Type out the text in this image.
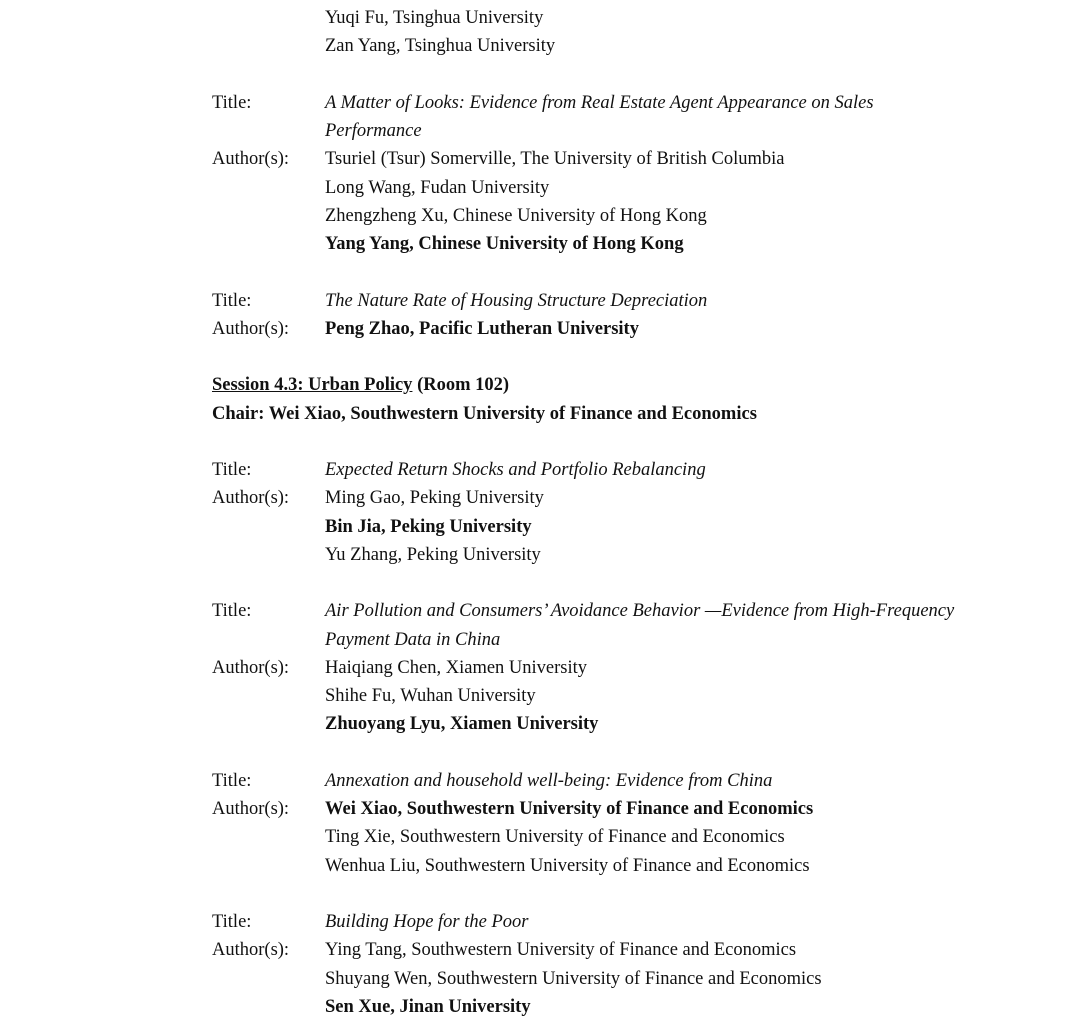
Yuqi Fu, Tsinghua University
Zan Yang, Tsinghua University
Title:	A Matter of Looks: Evidence from Real Estate Agent Appearance on Sales
Performance
Author(s): Tsuriel (Tsur) Somerville, The University of British Columbia
Long Wang, Fudan University
Zhengzheng Xu, Chinese University of Hong Kong
Yang Yang, Chinese University of Hong Kong
Title:	The Nature Rate of Housing Structure Depreciation
Author(s): Peng Zhao, Pacific Lutheran University
Session 4.3: Urban Policy (Room 102)
Chair: Wei Xiao, Southwestern University of Finance and Economics
Title:	Expected Return Shocks and Portfolio Rebalancing
Author(s): Ming Gao, Peking University
Bin Jia, Peking University
Yu Zhang, Peking University
Title:	Air Pollution and Consumers’ Avoidance Behavior —Evidence from High-Frequency
Payment Data in China
Author(s): Haiqiang Chen, Xiamen University
Shihe Fu, Wuhan University
Zhuoyang Lyu, Xiamen University
Title:	Annexation and household well-being: Evidence from China
Author(s): Wei Xiao, Southwestern University of Finance and Economics
Ting Xie, Southwestern University of Finance and Economics
Wenhua Liu, Southwestern University of Finance and Economics
Title:	Building Hope for the Poor
Author(s): Ying Tang, Southwestern University of Finance and Economics
Shuyang Wen, Southwestern University of Finance and Economics
Sen Xue, Jinan University
